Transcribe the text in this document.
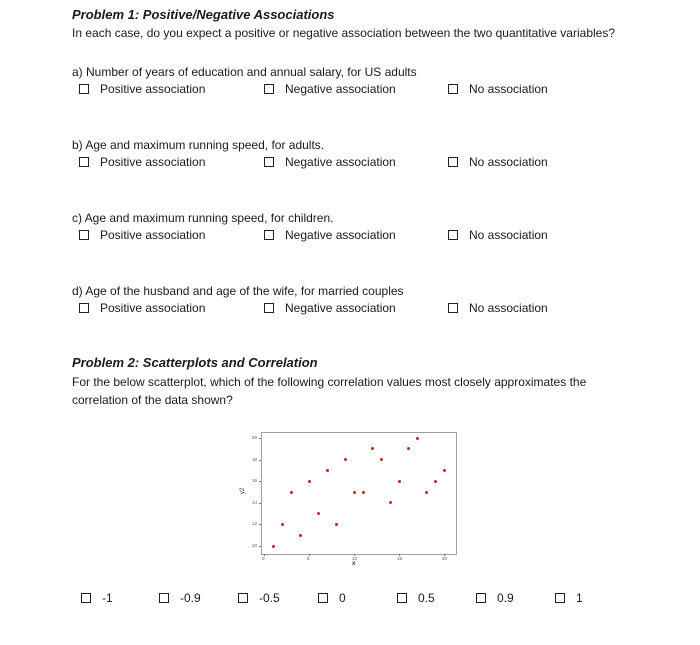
Problem 1: Positive/Negative Associations
In each case, do you expect a positive or negative association between the two quantitative variables?
a) Number of years of education and annual salary, for US adults
Positive association	Negative association	No association
b) Age and maximum running speed, for adults.
Positive association	Negative association	No association
c) Age and maximum running speed, for children.
Positive association	Negative association	No association
d) Age of the husband and age of the wife, for married couples
Positive association	Negative association	No association
Problem 2: Scatterplots and Correlation
For the below scatterplot, which of the following correlation values most closely approximates the
correlation of the data shown?
y2
x
10
12
14
16
18
20
0	5	10	15	20
-1	-0.9	-0.5	0	0.5	0.9	1
